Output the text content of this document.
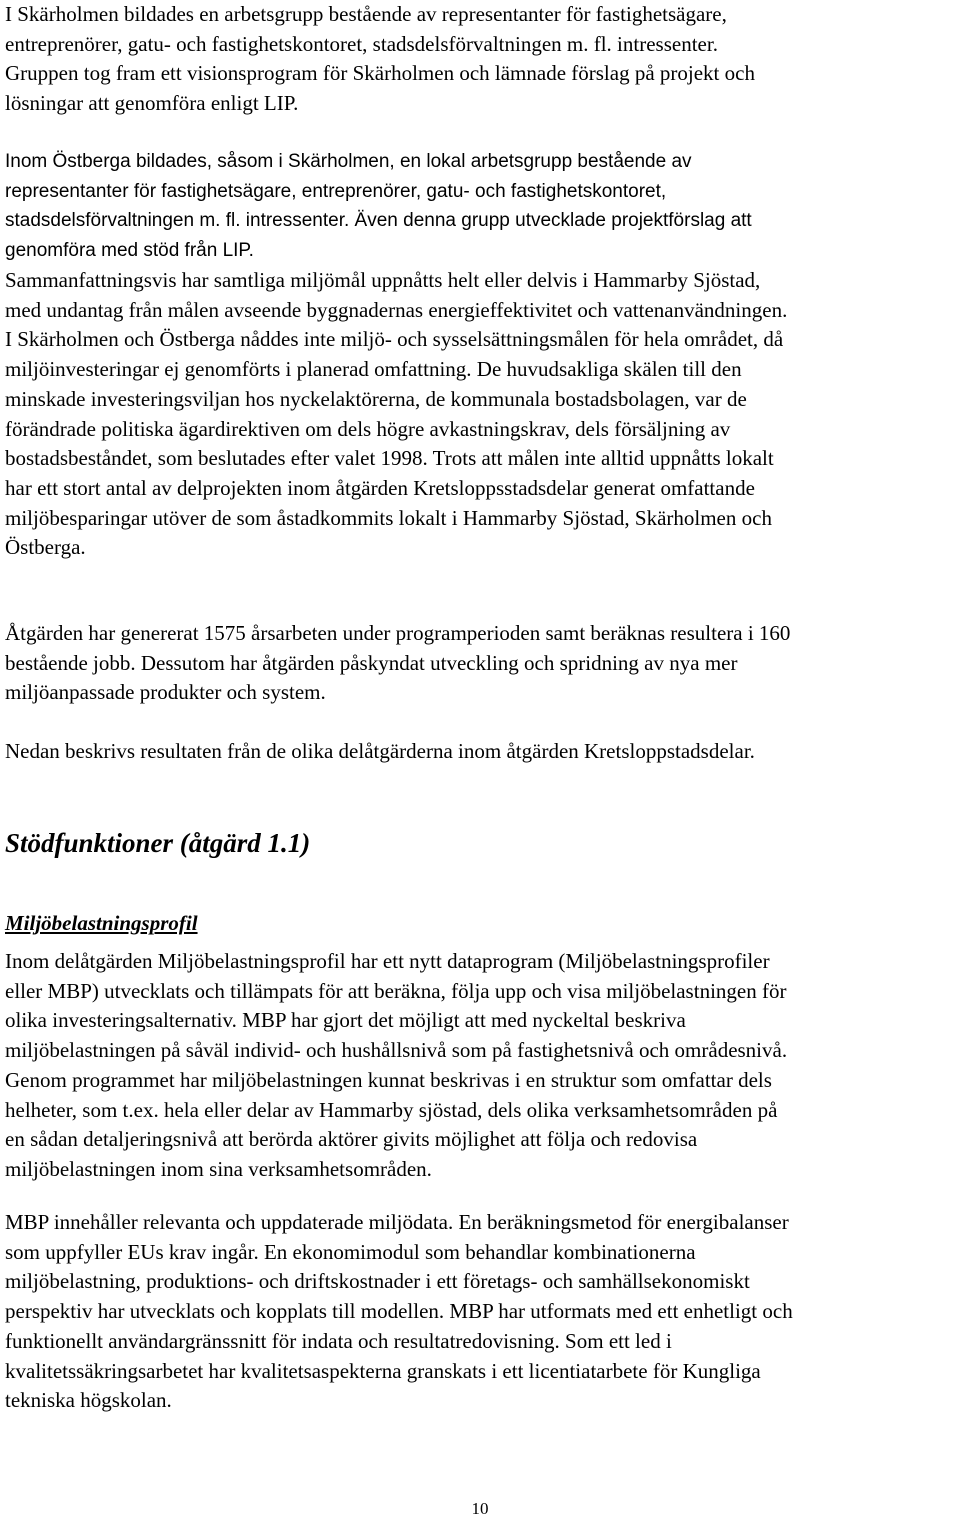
I Skärholmen bildades en arbetsgrupp bestående av representanter för fastighetsägare,
entreprenörer, gatu- och fastighetskontoret, stadsdelsförvaltningen m. fl. intressenter.
Gruppen tog fram ett visionsprogram för Skärholmen och lämnade förslag på projekt och
lösningar att genomföra enligt LIP.
Inom Östberga bildades, såsom i Skärholmen, en lokal arbetsgrupp bestående av
representanter för fastighetsägare, entreprenörer, gatu- och fastighetskontoret,
stadsdelsförvaltningen m. fl. intressenter. Även denna grupp utvecklade projektförslag att
genomföra med stöd från LIP.
Sammanfattningsvis har samtliga miljömål uppnåtts helt eller delvis i Hammarby Sjöstad,
med undantag från målen avseende byggnadernas energieffektivitet och vattenanvändningen.
I Skärholmen och Östberga nåddes inte miljö- och sysselsättningsmålen för hela området, då
miljöinvesteringar ej genomförts i planerad omfattning. De huvudsakliga skälen till den
minskade investeringsviljan hos nyckelaktörerna, de kommunala bostadsbolagen, var de
förändrade politiska ägardirektiven om dels högre avkastningskrav, dels försäljning av
bostadsbeståndet, som beslutades efter valet 1998. Trots att målen inte alltid uppnåtts lokalt
har ett stort antal av delprojekten inom åtgärden Kretsloppsstadsdelar generat omfattande
miljöbesparingar utöver de som åstadkommits lokalt i Hammarby Sjöstad, Skärholmen och
Östberga.
Åtgärden har genererat 1575 årsarbeten under programperioden samt beräknas resultera i 160
bestående jobb. Dessutom har åtgärden påskyndat utveckling och spridning av nya mer
miljöanpassade produkter och system.
Nedan beskrivs resultaten från de olika delåtgärderna inom åtgärden Kretsloppstadsdelar.
Stödfunktioner (åtgärd 1.1)
Miljöbelastningsprofil
Inom delåtgärden Miljöbelastningsprofil har ett nytt dataprogram (Miljöbelastningsprofiler
eller MBP) utvecklats och tillämpats för att beräkna, följa upp och visa miljöbelastningen för
olika investeringsalternativ. MBP har gjort det möjligt att med nyckeltal beskriva
miljöbelastningen på såväl individ- och hushållsnivå som på fastighetsnivå och områdesnivå.
Genom programmet har miljöbelastningen kunnat beskrivas i en struktur som omfattar dels
helheter, som t.ex. hela eller delar av Hammarby sjöstad, dels olika verksamhetsområden på
en sådan detaljeringsnivå att berörda aktörer givits möjlighet att följa och redovisa
miljöbelastningen inom sina verksamhetsområden.
MBP innehåller relevanta och uppdaterade miljödata. En beräkningsmetod för energibalanser
som uppfyller EUs krav ingår. En ekonomimodul som behandlar kombinationerna
miljöbelastning, produktions- och driftskostnader i ett företags- och samhällsekonomiskt
perspektiv har utvecklats och kopplats till modellen. MBP har utformats med ett enhetligt och
funktionellt användargränssnitt för indata och resultatredovisning. Som ett led i
kvalitetssäkringsarbetet har kvalitetsaspekterna granskats i ett licentiatarbete för Kungliga
tekniska högskolan.
10
